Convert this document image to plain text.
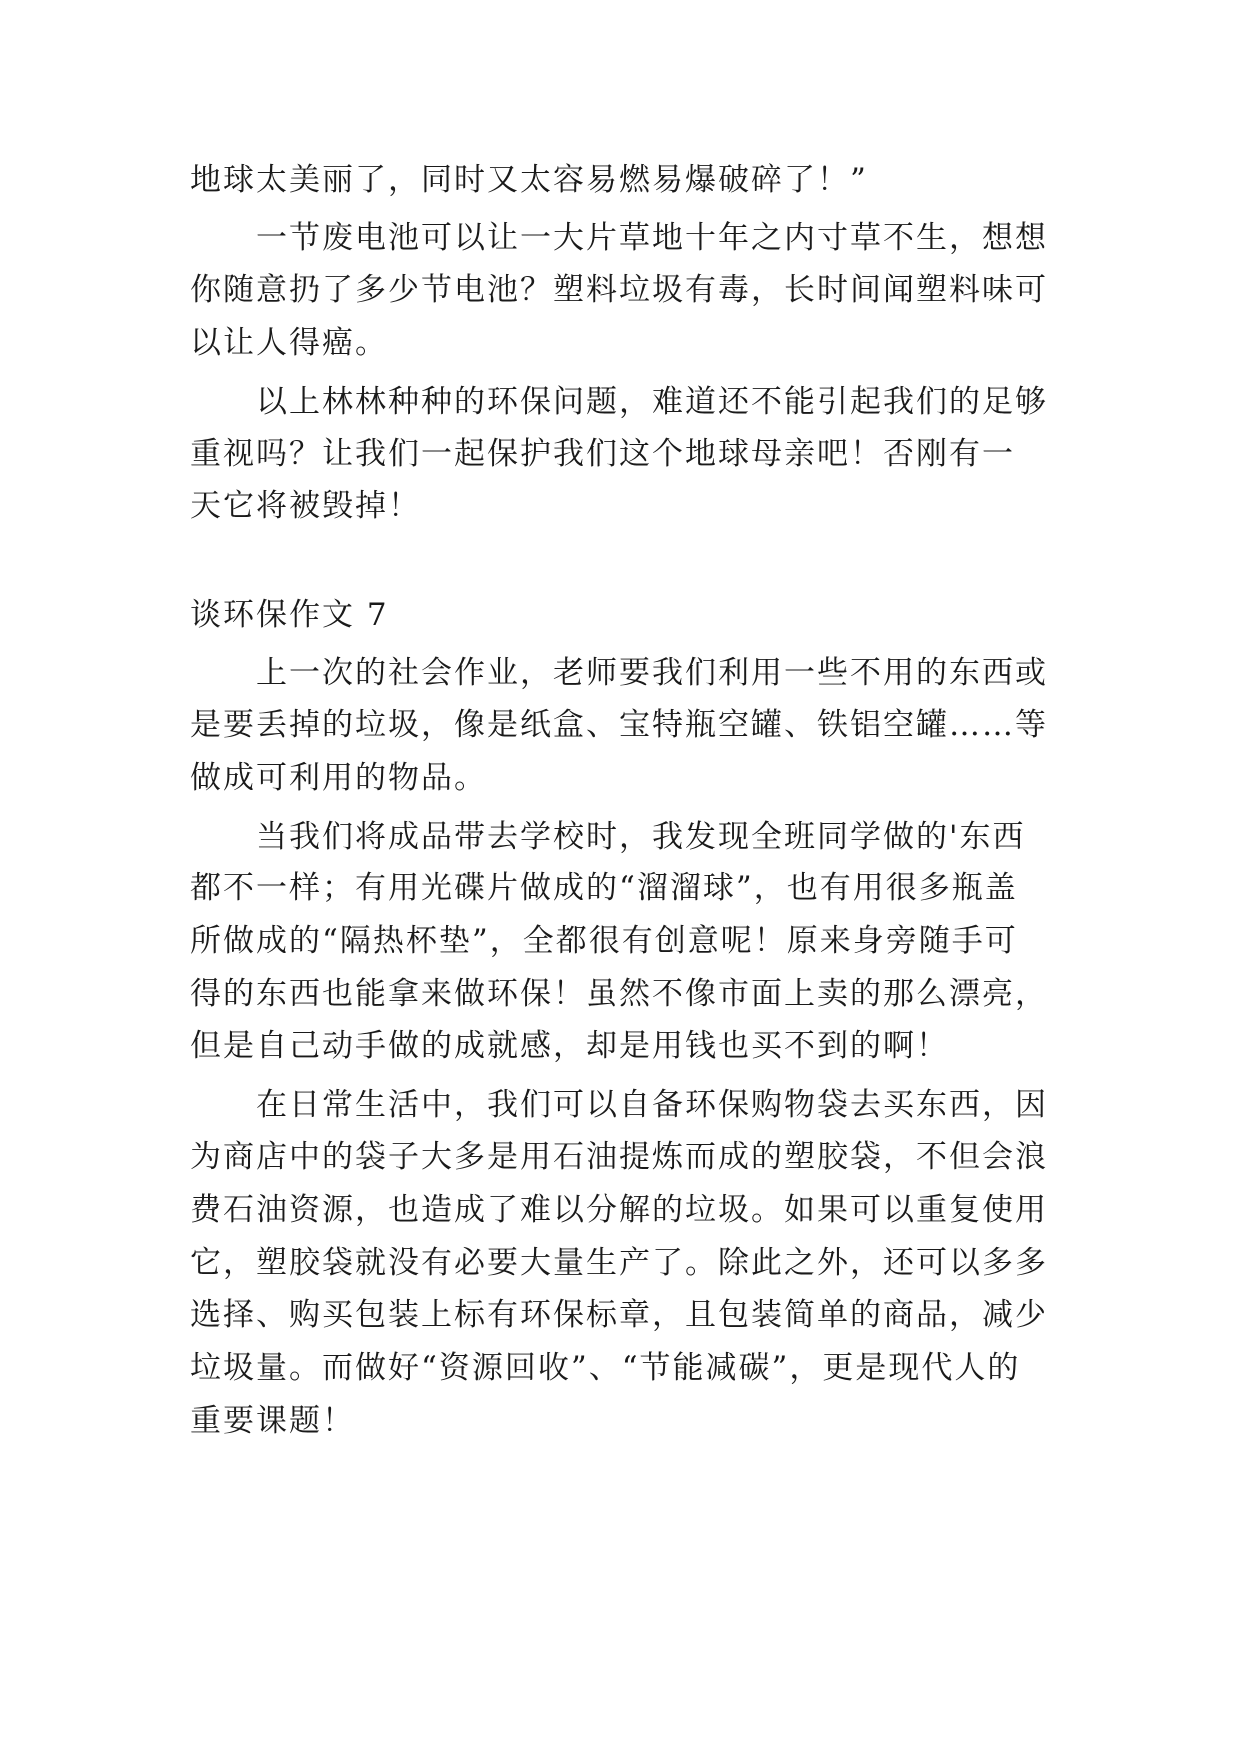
地球太美丽了，同时又太容易燃易爆破碎了！”
一节废电池可以让一大片草地十年之内寸草不生，想想
你随意扔了多少节电池？塑料垃圾有毒，长时间闻塑料味可
以让人得癌。
以上林林种种的环保问题，难道还不能引起我们的足够
重视吗？让我们一起保护我们这个地球母亲吧！否刚有一
天它将被毁掉！
谈环保作文 7
上一次的社会作业，老师要我们利用一些不用的东西或
是要丢掉的垃圾，像是纸盒、宝特瓶空罐、铁铝空罐……等
做成可利用的物品。
当我们将成品带去学校时，我发现全班同学做的'东西
都不一样；有用光碟片做成的“溜溜球”，也有用很多瓶盖
所做成的“隔热杯垫”，全都很有创意呢！原来身旁随手可
得的东西也能拿来做环保！虽然不像市面上卖的那么漂亮，
但是自己动手做的成就感，却是用钱也买不到的啊！
在日常生活中，我们可以自备环保购物袋去买东西，因
为商店中的袋子大多是用石油提炼而成的塑胶袋，不但会浪
费石油资源，也造成了难以分解的垃圾。如果可以重复使用
它，塑胶袋就没有必要大量生产了。除此之外，还可以多多
选择、购买包装上标有环保标章，且包装简单的商品，减少
垃圾量。而做好“资源回收”、“节能减碳”，更是现代人的
重要课题！
